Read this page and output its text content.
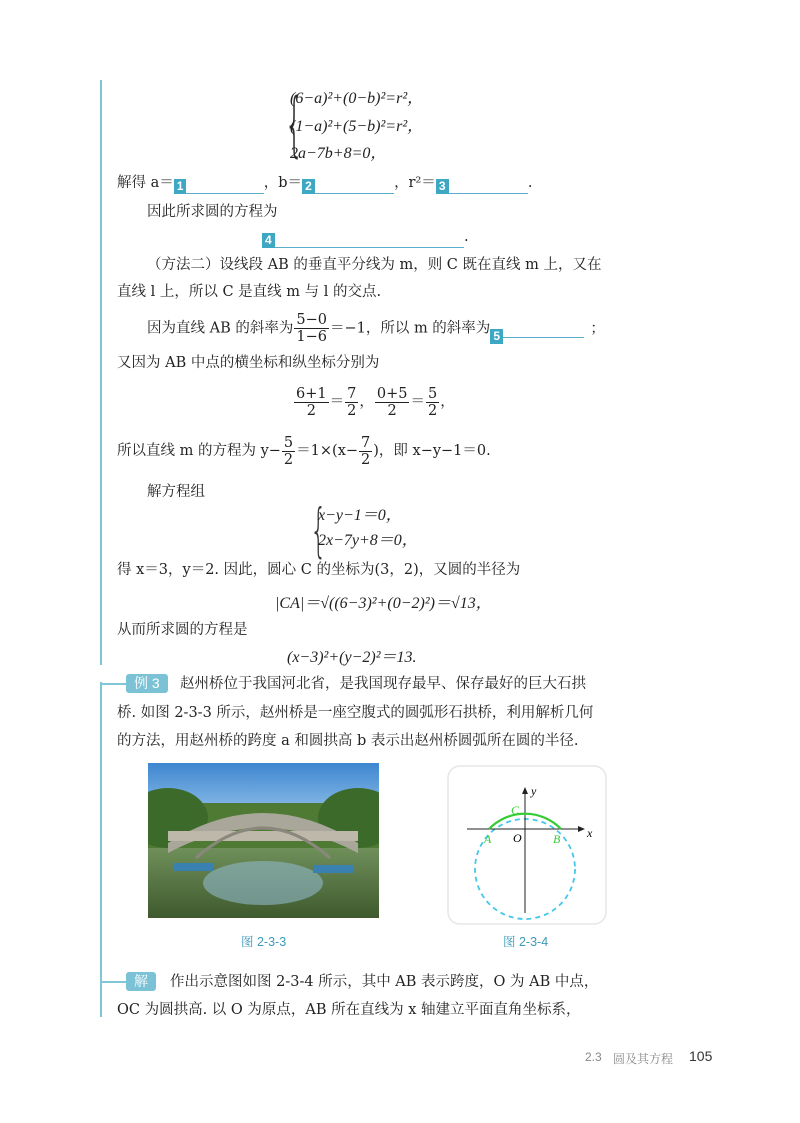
{
(6−a)²+(0−b)²=r²，
(1−a)²+(5−b)²=r²，
2a−7b+8=0，
解得 a＝ 1	，b＝ 2	，r²＝ 3	.
因此所求圆的方程为
4	.
（方法二）设线段 AB 的垂直平分线为 m，则 C 既在直线 m 上，又在
直线 l 上，所以 C 是直线 m 与 l 的交点.
因为直线 AB 的斜率为 $\frac{5-0}{1-6} =-1$，所以 m 的斜率为 5	；
又因为 AB 中点的横坐标和纵坐标分别为
$\frac{6+1}{2} = \frac{7}{2}$ ， $\frac{0+5}{2} = \frac{5}{2}$ ，
所以直线 m 的方程为 $y- \frac{5}{2} =1\times(x- \frac{7}{2}$ )，即 x−y−1＝0.
解方程组
{
x−y−1＝0，
2x−7y+8＝0，
得 x＝3，y＝2. 因此，圆心 C 的坐标为(3，2)，又圆的半径为
|CA|＝√((6−3)²+(0−2)²)＝√13，
从而所求圆的方程是
(x−3)²+(y−2)²＝13.
例 3	赵州桥位于我国河北省，是我国现存最早、保存最好的巨大石拱
桥. 如图 2-3-3 所示，赵州桥是一座空腹式的圆弧形石拱桥，利用解析几何
的方法，用赵州桥的跨度 a 和圆拱高 b 表示出赵州桥圆弧所在圆的半径.
y
x
C
O
A	B
图 2-3-3	图 2-3-4
解	作出示意图如图 2-3-4 所示，其中 AB 表示跨度，O 为 AB 中点，
OC 为圆拱高. 以 O 为原点，AB 所在直线为 x 轴建立平面直角坐标系，
2.3 圆及其方程 105
